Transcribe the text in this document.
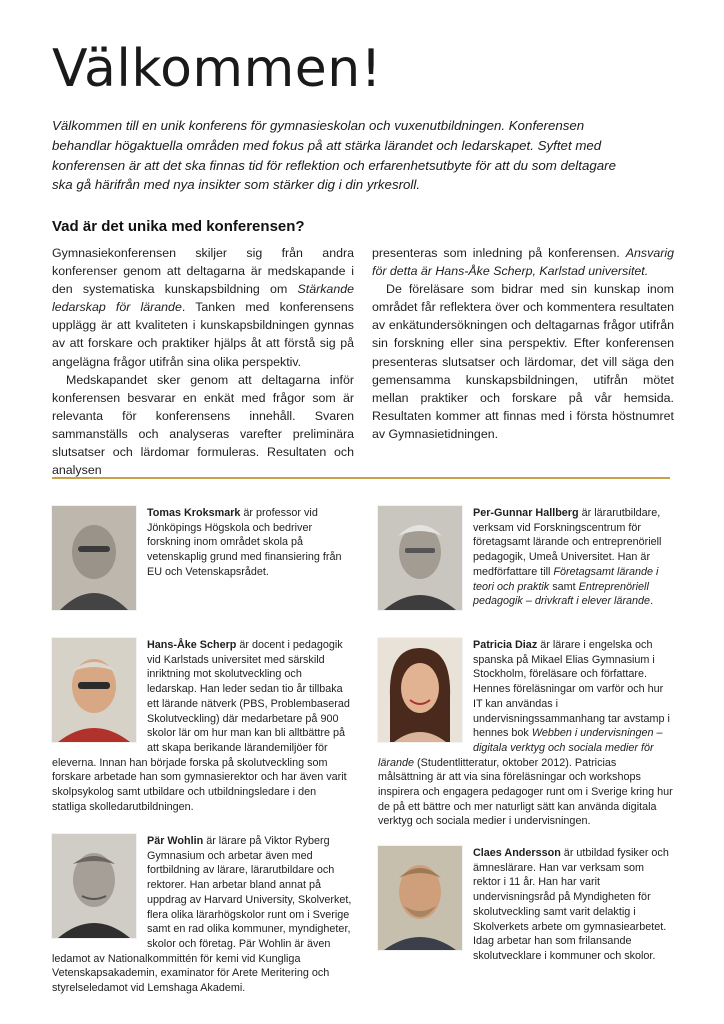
Välkommen!

Välkommen till en unik konferens för gymnasieskolan och vuxenutbildningen. Konferensen behandlar högaktuella områden med fokus på att stärka lärandet och ledarskapet. Syftet med konferensen är att det ska finnas tid för reflektion och erfarenhetsutbyte för att du som deltagare ska gå härifrån med nya insikter som stärker dig i din yrkesroll.

Vad är det unika med konferensen?

Gymnasiekonferensen skiljer sig från andra konferenser genom att deltagarna är medskapande i den systematiska kunskapsbildning om Stärkande ledarskap för lärande. Tanken med konferensens upplägg är att kvaliteten i kunskapsbildningen gynnas av att forskare och praktiker hjälps åt att förstå sig på angelägna frågor utifrån sina olika perspektiv.

Medskapandet sker genom att deltagarna inför konferensen besvarar en enkät med frågor som är relevanta för konferensens innehåll. Svaren sammanställs och analyseras varefter preliminära slutsatser och lärdomar formuleras. Resultaten och analysen

presenteras som inledning på konferensen. Ansvarig för detta är Hans-Åke Scherp, Karlstad universitet.

De föreläsare som bidrar med sin kunskap inom området får reflektera över och kommentera resultaten av enkätundersökningen och deltagarnas frågor utifrån sin forskning eller sina perspektiv. Efter konferensen presenteras slutsatser och lärdomar, det vill säga den gemensamma kunskapsbildningen, utifrån mötet mellan praktiker och forskare på vår hemsida. Resultaten kommer att finnas med i första höstnumret av Gymnasietidningen.

Tomas Kroksmark är professor vid Jönköpings Högskola och bedriver forskning inom området skola på vetenskaplig grund med finansiering från EU och Vetenskapsrådet.
Per-Gunnar Hallberg är lärarutbildare, verksam vid Forskningscentrum för företagsamt lärande och entreprenöriell pedagogik, Umeå Universitet. Han är medförfattare till Företagsamt lärande i teori och praktik samt Entreprenöriell pedagogik – drivkraft i elever lärande.
Hans-Åke Scherp är docent i pedagogik vid Karlstads universitet med särskild inriktning mot skolutveckling och ledarskap. Han leder sedan tio år tillbaka ett lärande nätverk (PBS, Problembaserad Skolutveckling) där medarbetare på 900 skolor lär om hur man kan bli alltbättre på att skapa berikande lärandemiljöer för eleverna. Innan han började forska på skolutveckling som forskare arbetade han som gymnasierektor och har även varit skolpsykolog samt utbildare och utbildningsledare i den statliga skolledarutbildningen.
Patricia Diaz är lärare i engelska och spanska på Mikael Elias Gymnasium i Stockholm, föreläsare och författare. Hennes föreläsningar om varför och hur IT kan användas i undervisningssammanhang tar avstamp i hennes bok Webben i undervisningen – digitala verktyg och sociala medier för lärande (Studentlitteratur, oktober 2012). Patricias målsättning är att via sina föreläsningar och workshops inspirera och engagera pedagoger runt om i Sverige kring hur de på ett bättre och mer naturligt sätt kan använda digitala verktyg och sociala medier i undervisningen.
Pär Wohlin är lärare på Viktor Ryberg Gymnasium och arbetar även med fortbildning av lärare, lärarutbildare och rektorer. Han arbetar bland annat på uppdrag av Harvard University, Skolverket, flera olika lärarhögskolor runt om i Sverige samt en rad olika kommuner, myndigheter, skolor och företag. Pär Wohlin är även ledamot av Nationalkommittén för kemi vid Kungliga Vetenskapsakademin, examinator för Arete Meritering och styrelseledamot vid Lemshaga Akademi.
Claes Andersson är utbildad fysiker och ämneslärare. Han var verksam som rektor i 11 år. Han har varit undervisningsråd på Myndigheten för skolutveckling samt varit delaktig i Skolverkets arbete om gymnasiearbetet. Idag arbetar han som frilansande skolutvecklare i kommuner och skolor.
